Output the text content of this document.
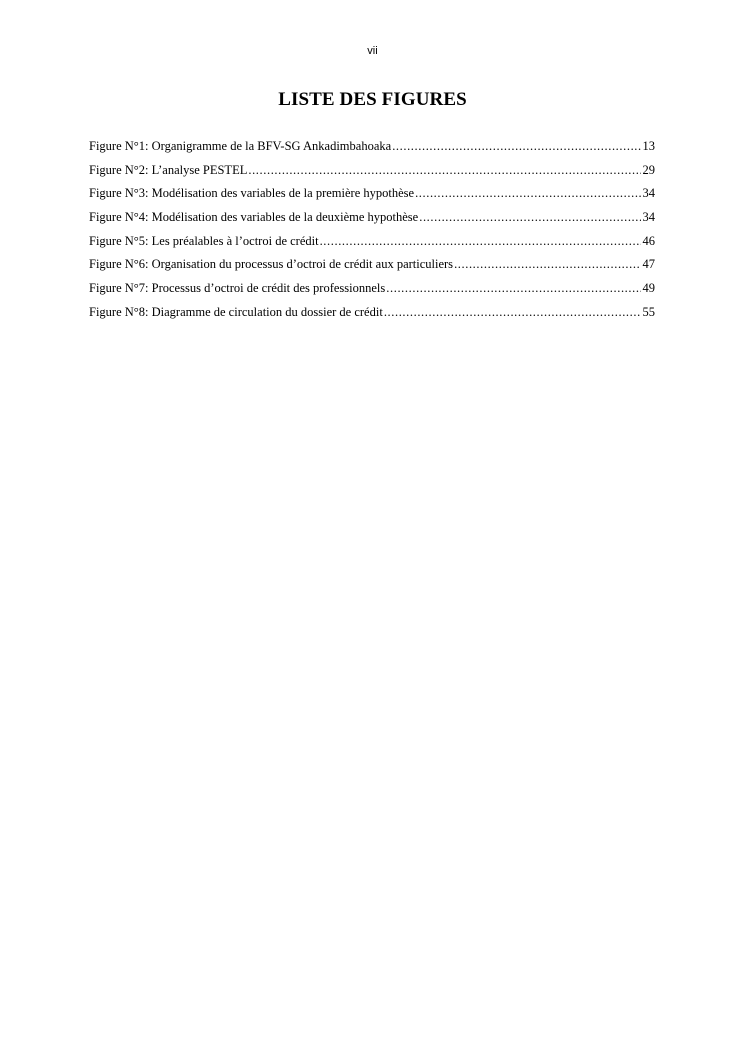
vii
LISTE DES FIGURES
Figure N°1: Organigramme de la BFV-SG Ankadimbahoaka .....	13
Figure N°2: L’analyse PESTEL .....	29
Figure N°3: Modélisation des variables de la première hypothèse .....	34
Figure N°4: Modélisation des variables de la deuxième hypothèse .....	34
Figure N°5: Les préalables à l’octroi de crédit .....	46
Figure N°6: Organisation du processus d’octroi de crédit aux particuliers .....	47
Figure N°7: Processus d’octroi de crédit des professionnels .....	49
Figure N°8: Diagramme de circulation du dossier de crédit .....	55
